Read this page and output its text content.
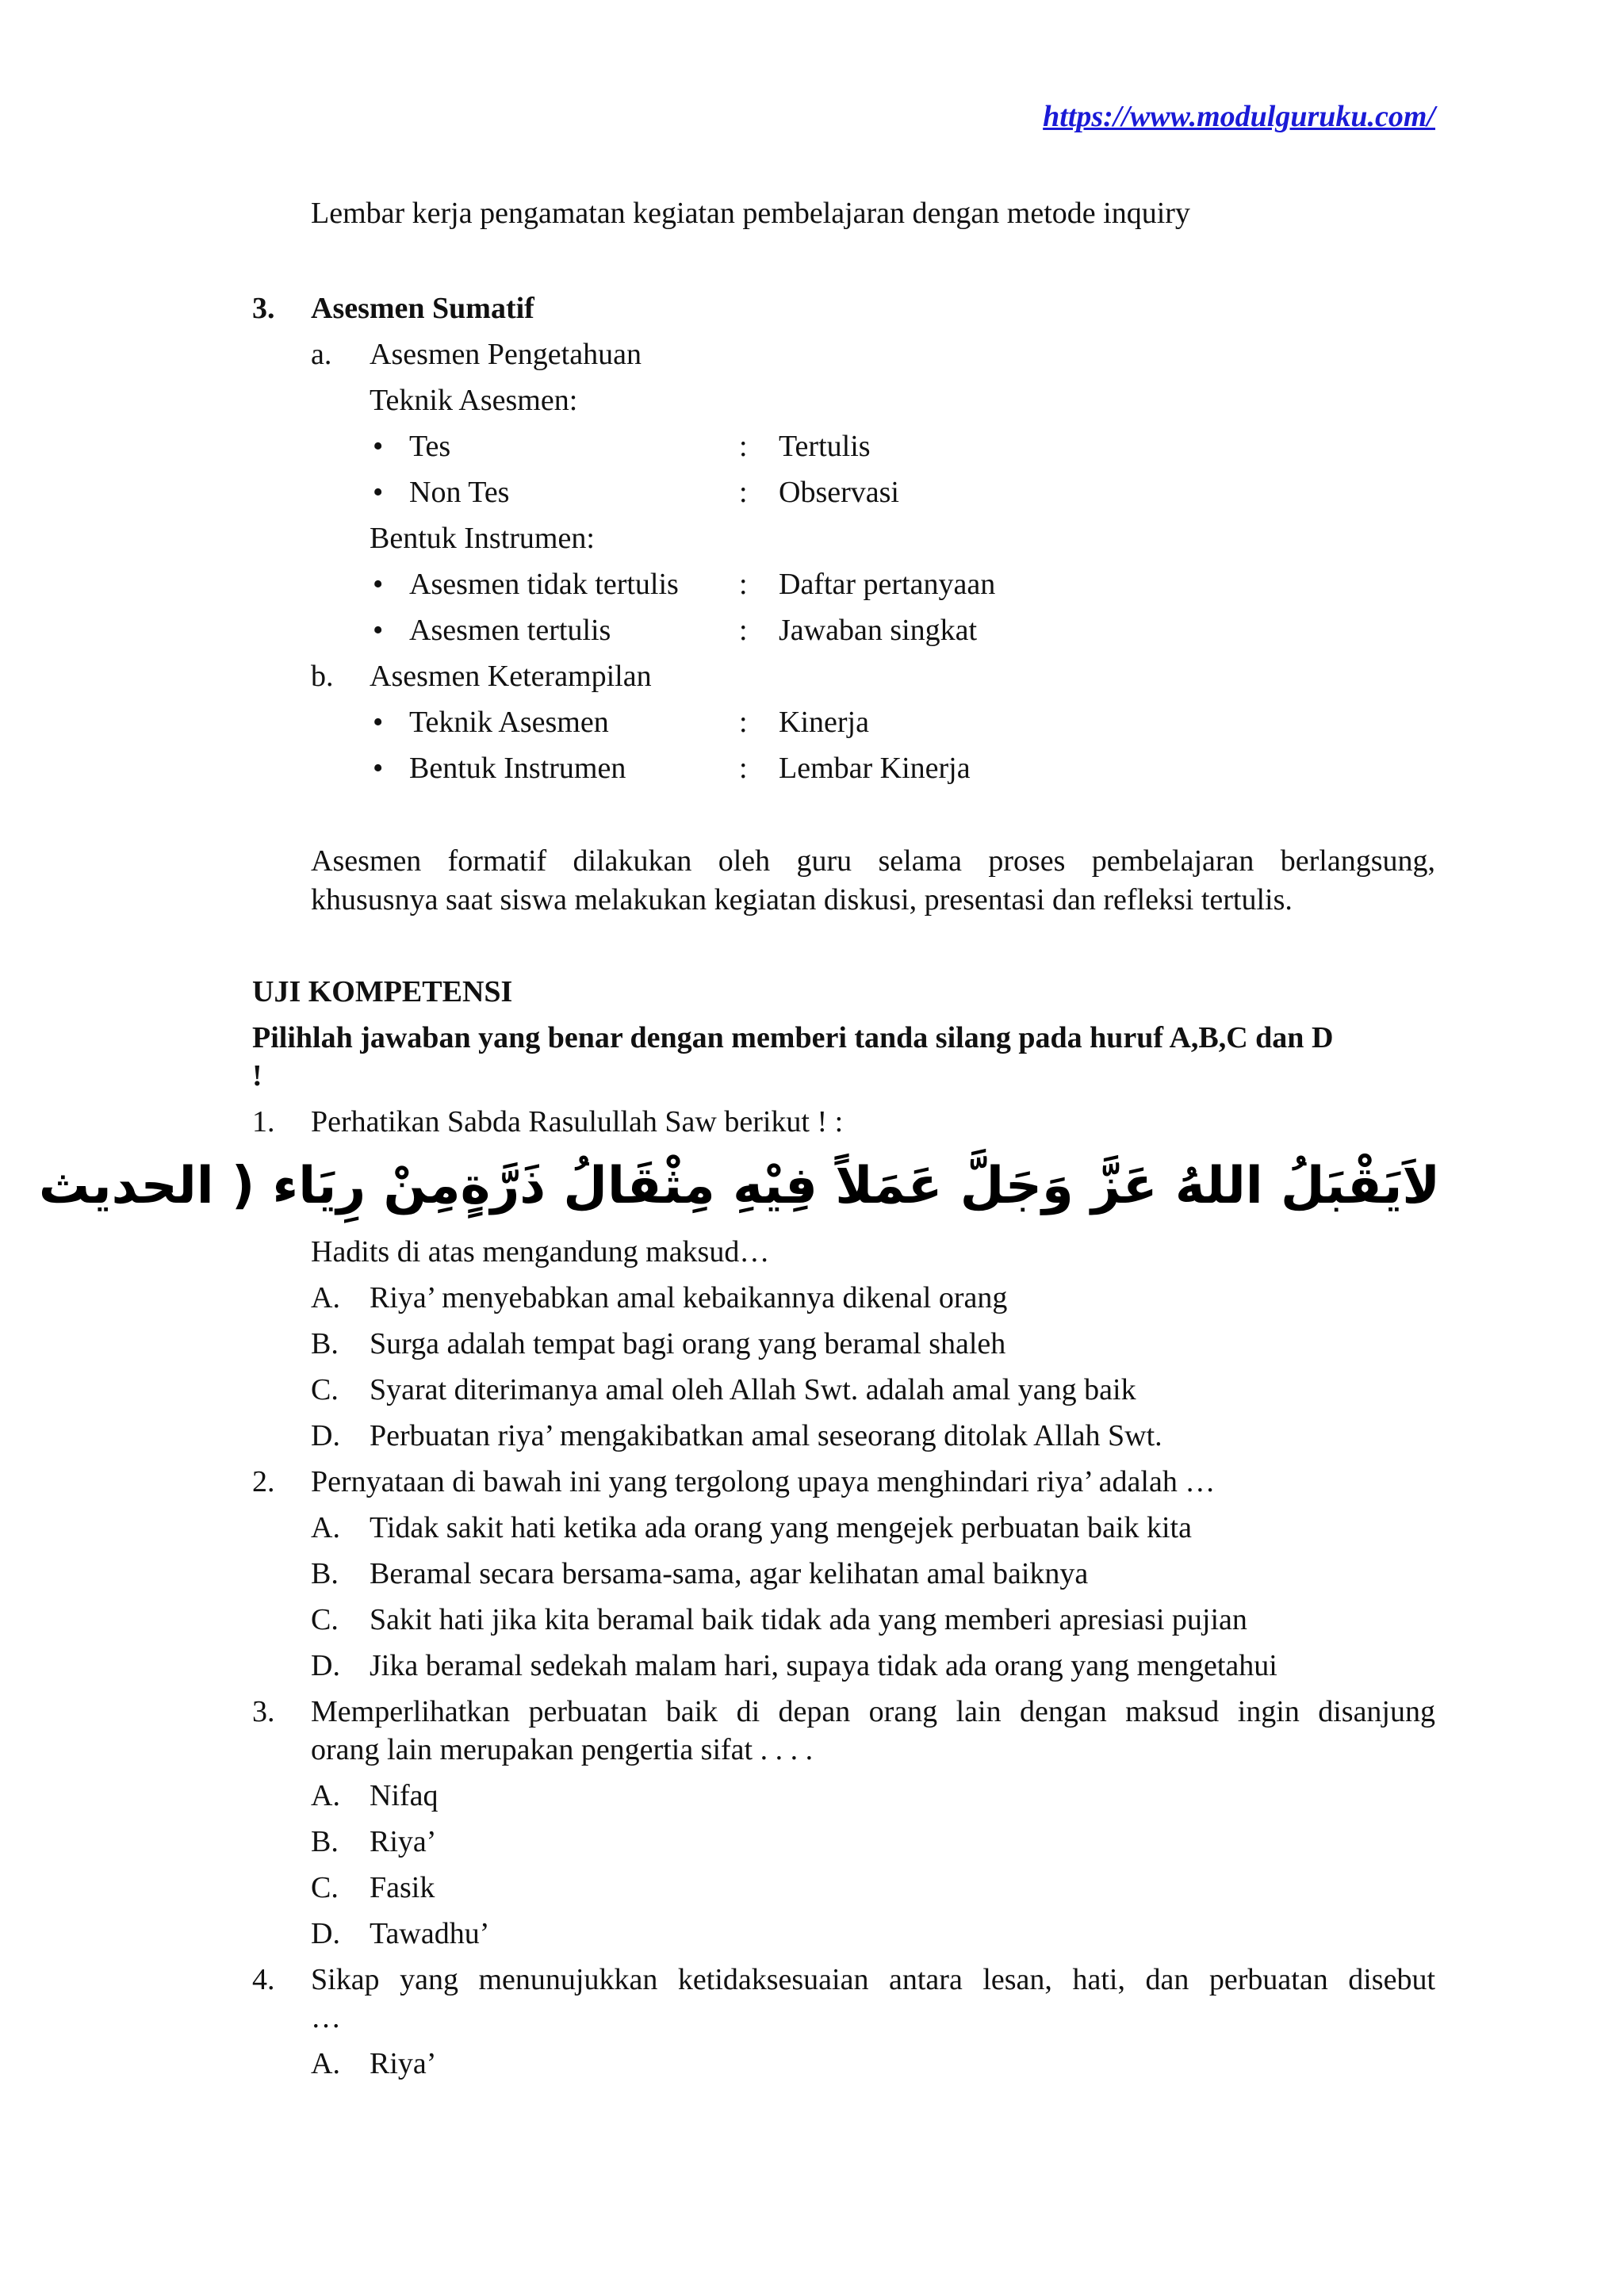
https://www.modulguruku.com/
Lembar kerja pengamatan kegiatan pembelajaran dengan metode inquiry
3. Asesmen Sumatif
a. Asesmen Pengetahuan
Teknik Asesmen:
• Tes	: Tertulis
• Non Tes	: Observasi
Bentuk Instrumen:
• Asesmen tidak tertulis : Daftar pertanyaan
• Asesmen tertulis	: Jawaban singkat
b. Asesmen Keterampilan
• Teknik Asesmen	: Kinerja
• Bentuk Instrumen	: Lembar Kinerja
Asesmen formatif dilakukan oleh guru selama proses pembelajaran berlangsung,
khususnya saat siswa melakukan kegiatan diskusi, presentasi dan refleksi tertulis.
UJI KOMPETENSI
Pilihlah jawaban yang benar dengan memberi tanda silang pada huruf A,B,C dan D
!
1. Perhatikan Sabda Rasulullah Saw berikut ! :
لاَيَقْبَلُ اللهُ عَزَّ وَجَلَّ عَمَلاً فِيْهِ مِثْقَالُ ذَرَّةٍمِنْ رِيَاء ( الحديث
Hadits di atas mengandung maksud…
A. Riya’ menyebabkan amal kebaikannya dikenal orang
B. Surga adalah tempat bagi orang yang beramal shaleh
C. Syarat diterimanya amal oleh Allah Swt. adalah amal yang baik
D. Perbuatan riya’ mengakibatkan amal seseorang ditolak Allah Swt.
2. Pernyataan di bawah ini yang tergolong upaya menghindari riya’ adalah …
A. Tidak sakit hati ketika ada orang yang mengejek perbuatan baik kita
B. Beramal secara bersama-sama, agar kelihatan amal baiknya
C. Sakit hati jika kita beramal baik tidak ada yang memberi apresiasi pujian
D. Jika beramal sedekah malam hari, supaya tidak ada orang yang mengetahui
3. Memperlihatkan perbuatan baik di depan orang lain dengan maksud ingin disanjung
orang lain merupakan pengertia sifat . . . .
A. Nifaq
B. Riya’
C. Fasik
D. Tawadhu’
4. Sikap yang menunujukkan ketidaksesuaian antara lesan, hati, dan perbuatan disebut
…
A. Riya’
